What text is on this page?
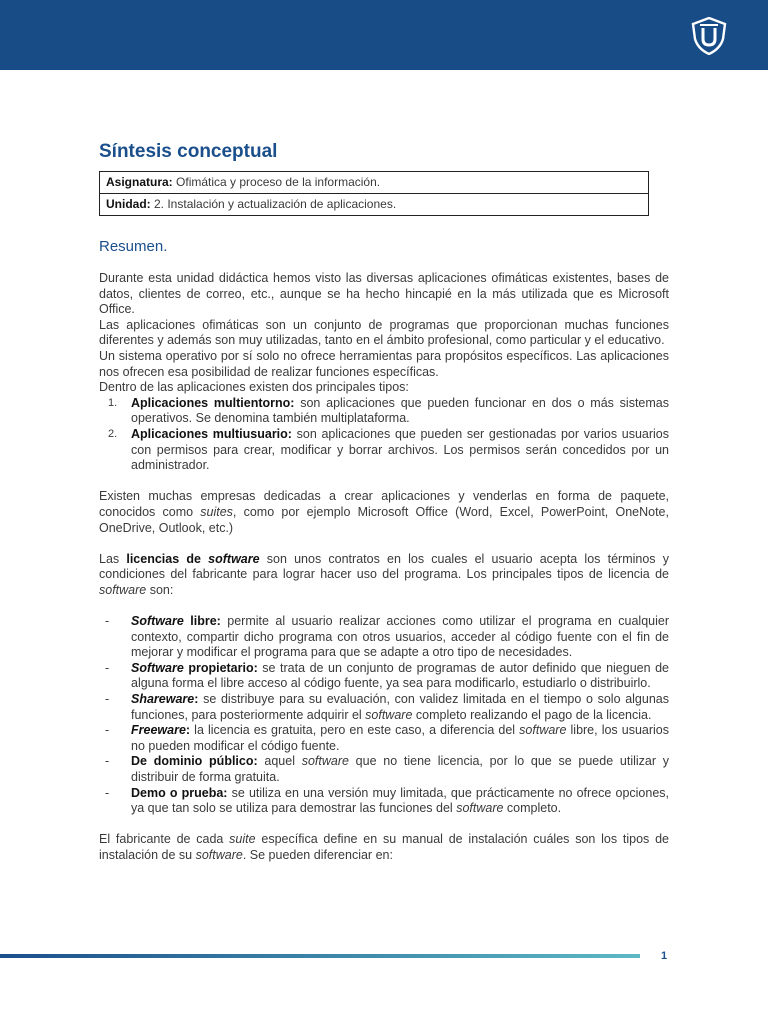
Síntesis conceptual
Asignatura: Ofimática y proceso de la información.
Unidad: 2. Instalación y actualización de aplicaciones.
Resumen.

Durante esta unidad didáctica hemos visto las diversas aplicaciones ofimáticas existentes, bases de datos, clientes de correo, etc., aunque se ha hecho hincapié en la más utilizada que es Microsoft Office.

Las aplicaciones ofimáticas son un conjunto de programas que proporcionan muchas funciones diferentes y además son muy utilizadas, tanto en el ámbito profesional, como particular y el educativo.

Un sistema operativo por sí solo no ofrece herramientas para propósitos específicos. Las aplicaciones nos ofrecen esa posibilidad de realizar funciones específicas.

Dentro de las aplicaciones existen dos principales tipos:

1. Aplicaciones multientorno: son aplicaciones que pueden funcionar en dos o más sistemas operativos. Se denomina también multiplataforma.
2. Aplicaciones multiusuario: son aplicaciones que pueden ser gestionadas por varios usuarios con permisos para crear, modificar y borrar archivos. Los permisos serán concedidos por un administrador.

Existen muchas empresas dedicadas a crear aplicaciones y venderlas en forma de paquete, conocidos como suites, como por ejemplo Microsoft Office (Word, Excel, PowerPoint, OneNote, OneDrive, Outlook, etc.)

Las licencias de software son unos contratos en los cuales el usuario acepta los términos y condiciones del fabricante para lograr hacer uso del programa. Los principales tipos de licencia de software son:

- Software libre: permite al usuario realizar acciones como utilizar el programa en cualquier contexto, compartir dicho programa con otros usuarios, acceder al código fuente con el fin de mejorar y modificar el programa para que se adapte a otro tipo de necesidades.
- Software propietario: se trata de un conjunto de programas de autor definido que nieguen de alguna forma el libre acceso al código fuente, ya sea para modificarlo, estudiarlo o distribuirlo.
- Shareware: se distribuye para su evaluación, con validez limitada en el tiempo o solo algunas funciones, para posteriormente adquirir el software completo realizando el pago de la licencia.
- Freeware: la licencia es gratuita, pero en este caso, a diferencia del software libre, los usuarios no pueden modificar el código fuente.
- De dominio público: aquel software que no tiene licencia, por lo que se puede utilizar y distribuir de forma gratuita.
- Demo o prueba: se utiliza en una versión muy limitada, que prácticamente no ofrece opciones, ya que tan solo se utiliza para demostrar las funciones del software completo.

El fabricante de cada suite específica define en su manual de instalación cuáles son los tipos de instalación de su software. Se pueden diferenciar en:

1
